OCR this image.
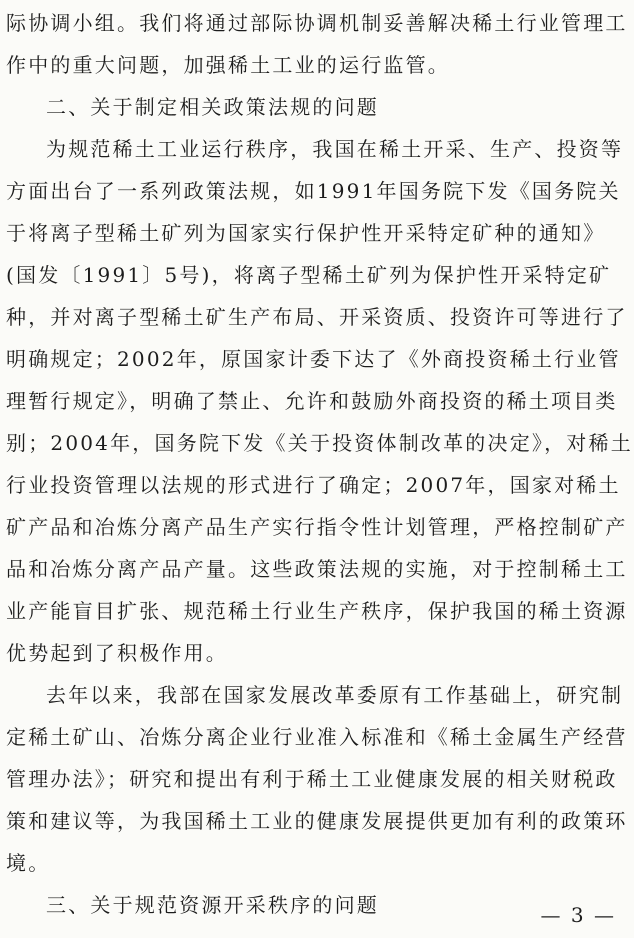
际协调小组。我们将通过部际协调机制妥善解决稀土行业管理工
作中的重大问题，加强稀土工业的运行监管。
二、关于制定相关政策法规的问题
为规范稀土工业运行秩序，我国在稀土开采、生产、投资等
方面出台了一系列政策法规，如1991年国务院下发《国务院关
于将离子型稀土矿列为国家实行保护性开采特定矿种的通知》
(国发〔1991〕5号)，将离子型稀土矿列为保护性开采特定矿
种，并对离子型稀土矿生产布局、开采资质、投资许可等进行了
明确规定；2002年，原国家计委下达了《外商投资稀土行业管
理暂行规定》，明确了禁止、允许和鼓励外商投资的稀土项目类
别；2004年，国务院下发《关于投资体制改革的决定》，对稀土
行业投资管理以法规的形式进行了确定；2007年，国家对稀土
矿产品和冶炼分离产品生产实行指令性计划管理，严格控制矿产
品和冶炼分离产品产量。这些政策法规的实施，对于控制稀土工
业产能盲目扩张、规范稀土行业生产秩序，保护我国的稀土资源
优势起到了积极作用。
去年以来，我部在国家发展改革委原有工作基础上，研究制
定稀土矿山、冶炼分离企业行业准入标准和《稀土金属生产经营
管理办法》；研究和提出有利于稀土工业健康发展的相关财税政
策和建议等，为我国稀土工业的健康发展提供更加有利的政策环
境。
三、关于规范资源开采秩序的问题	— 3 —
